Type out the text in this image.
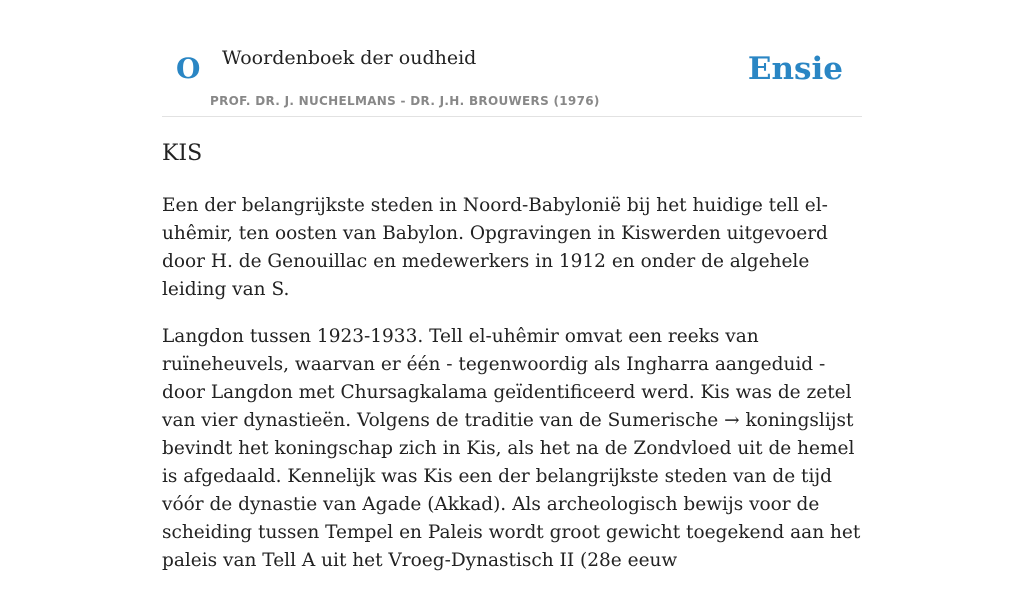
O Woordenboek der oudheid	Ensie
PROF. DR. J. NUCHELMANS - DR. J.H. BROUWERS (1976)
KIS

Een der belangrijkste steden in Noord-Babylonië bij het huidige tell el-uhêmir, ten oosten van Babylon. Opgravingen in Kiswerden uitgevoerd door H. de Genouillac en medewerkers in 1912 en onder de algehele leiding van S.

Langdon tussen 1923-1933. Tell el-uhêmir omvat een reeks van ruïneheuvels, waarvan er één - tegenwoordig als Ingharra aangeduid - door Langdon met Chursagkalama geïdentificeerd werd. Kis was de zetel van vier dynastieën. Volgens de traditie van de Sumerische → koningslijst bevindt het koningschap zich in Kis, als het na de Zondvloed uit de hemel is afgedaald. Kennelijk was Kis een der belangrijkste steden van de tijd vóór de dynastie van Agade (Akkad). Als archeologisch bewijs voor de scheiding tussen Tempel en Paleis wordt groot gewicht toegekend aan het paleis van Tell A uit het Vroeg-Dynastisch II (28e eeuw
